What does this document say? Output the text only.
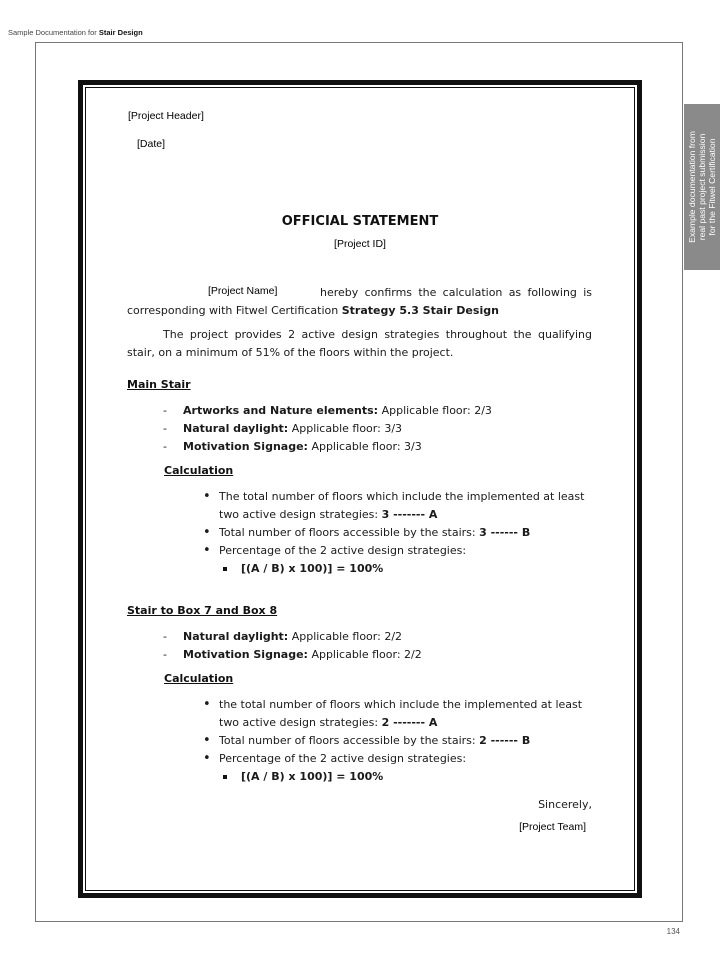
Sample Documentation for Stair Design
Example documentation from real past project submission for the Fitwel Certification
[Project Header]
[Date]
OFFICIAL STATEMENT
[Project ID]
[Project Name]	hereby confirms the calculation as following is
corresponding with Fitwel Certification Strategy 5.3 Stair Design
The project provides 2 active design strategies throughout the qualifying
stair, on a minimum of 51% of the floors within the project.
Main Stair
- Artworks and Nature elements: Applicable floor: 2/3
- Natural daylight: Applicable floor: 3/3
- Motivation Signage: Applicable floor: 3/3
Calculation
• The total number of floors which include the implemented at least
two active design strategies: 3 ------- A
• Total number of floors accessible by the stairs: 3 ------ B
• Percentage of the 2 active design strategies:
[(A / B) x 100)] = 100%
Stair to Box 7 and Box 8
- Natural daylight: Applicable floor: 2/2
- Motivation Signage: Applicable floor: 2/2
Calculation
• the total number of floors which include the implemented at least
two active design strategies: 2 ------- A
• Total number of floors accessible by the stairs: 2 ------ B
• Percentage of the 2 active design strategies:
[(A / B) x 100)] = 100%
Sincerely,
[Project Team]
134
